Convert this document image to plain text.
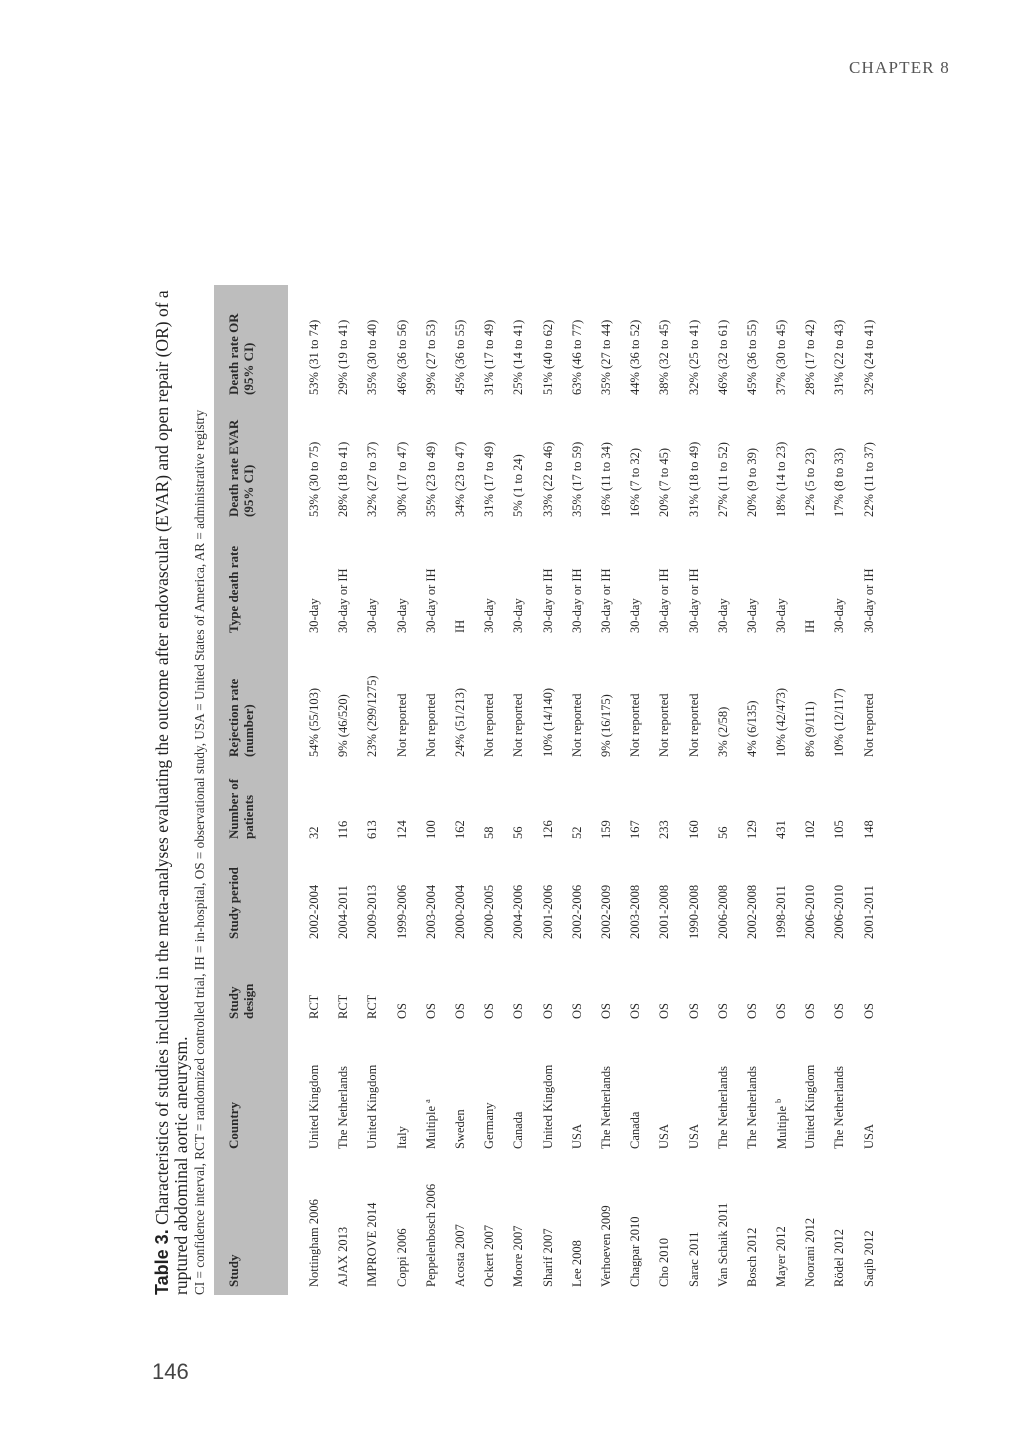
CHAPTER 8
146
Table 3. Characteristics of studies included in the meta-analyses evaluating the outcome after endovascular (EVAR) and open repair (OR) of a ruptured abdominal aortic aneurysm. CI = confidence interval, RCT = randomized controlled trial, IH = in-hospital, OS = observational study, USA = United States of America, AR = administrative registry Study	Country	Study design	Study period	Number of patients	Rejection rate (number)	Type death rate	Death rate EVAR (95% CI)	Death rate OR (95% CI)
Nottingham 2006	United Kingdom	RCT	2002-2004	32	54% (55/103)	30-day	53% (30 to 75)	53% (31 to 74)
AJAX 2013	The Netherlands	RCT	2004-2011	116	9% (46/520)	30-day or IH	28% (18 to 41)	29% (19 to 41)
IMPROVE 2014	United Kingdom	RCT	2009-2013	613	23% (299/1275)	30-day	32% (27 to 37)	35% (30 to 40)
Coppi 2006	Italy	OS	1999-2006	124	Not reported	30-day	30% (17 to 47)	46% (36 to 56)
Peppelenbosch 2006	Multiple $^a$	OS	2003-2004	100	Not reported	30-day or IH	35% (23 to 49)	39% (27 to 53)
Acosta 2007	Sweden	OS	2000-2004	162	24% (51/213)	IH	34% (23 to 47)	45% (36 to 55)
Ockert 2007	Germany	OS	2000-2005	58	Not reported	30-day	31% (17 to 49)	31% (17 to 49)
Moore 2007	Canada	OS	2004-2006	56	Not reported	30-day	5% (1 to 24)	25% (14 to 41)
Sharif 2007	United Kingdom	OS	2001-2006	126	10% (14/140)	30-day or IH	33% (22 to 46)	51% (40 to 62)
Lee 2008	USA	OS	2002-2006	52	Not reported	30-day or IH	35% (17 to 59)	63% (46 to 77)
Verhoeven 2009	The Netherlands	OS	2002-2009	159	9% (16/175)	30-day or IH	16% (11 to 34)	35% (27 to 44)
Chagpar 2010	Canada	OS	2003-2008	167	Not reported	30-day	16% (7 to 32)	44% (36 to 52)
Cho 2010	USA	OS	2001-2008	233	Not reported	30-day or IH	20% (7 to 45)	38% (32 to 45)
Sarac 2011	USA	OS	1990-2008	160	Not reported	30-day or IH	31% (18 to 49)	32% (25 to 41)
Van Schaik 2011	The Netherlands	OS	2006-2008	56	3% (2/58)	30-day	27% (11 to 52)	46% (32 to 61)
Bosch 2012	The Netherlands	OS	2002-2008	129	4% (6/135)	30-day	20% (9 to 39)	45% (36 to 55)
Mayer 2012	Multiple $^b$	OS	1998-2011	431	10% (42/473)	30-day	18% (14 to 23)	37% (30 to 45)
Noorani 2012	United Kingdom	OS	2006-2010	102	8% (9/111)	IH	12% (5 to 23)	28% (17 to 42)
Rödel 2012	The Netherlands	OS	2006-2010	105	10% (12/117)	30-day	17% (8 to 33)	31% (22 to 43)
Saqib 2012	USA	OS	2001-2011	148	Not reported	30-day or IH	22% (11 to 37)	32% (24 to 41)
